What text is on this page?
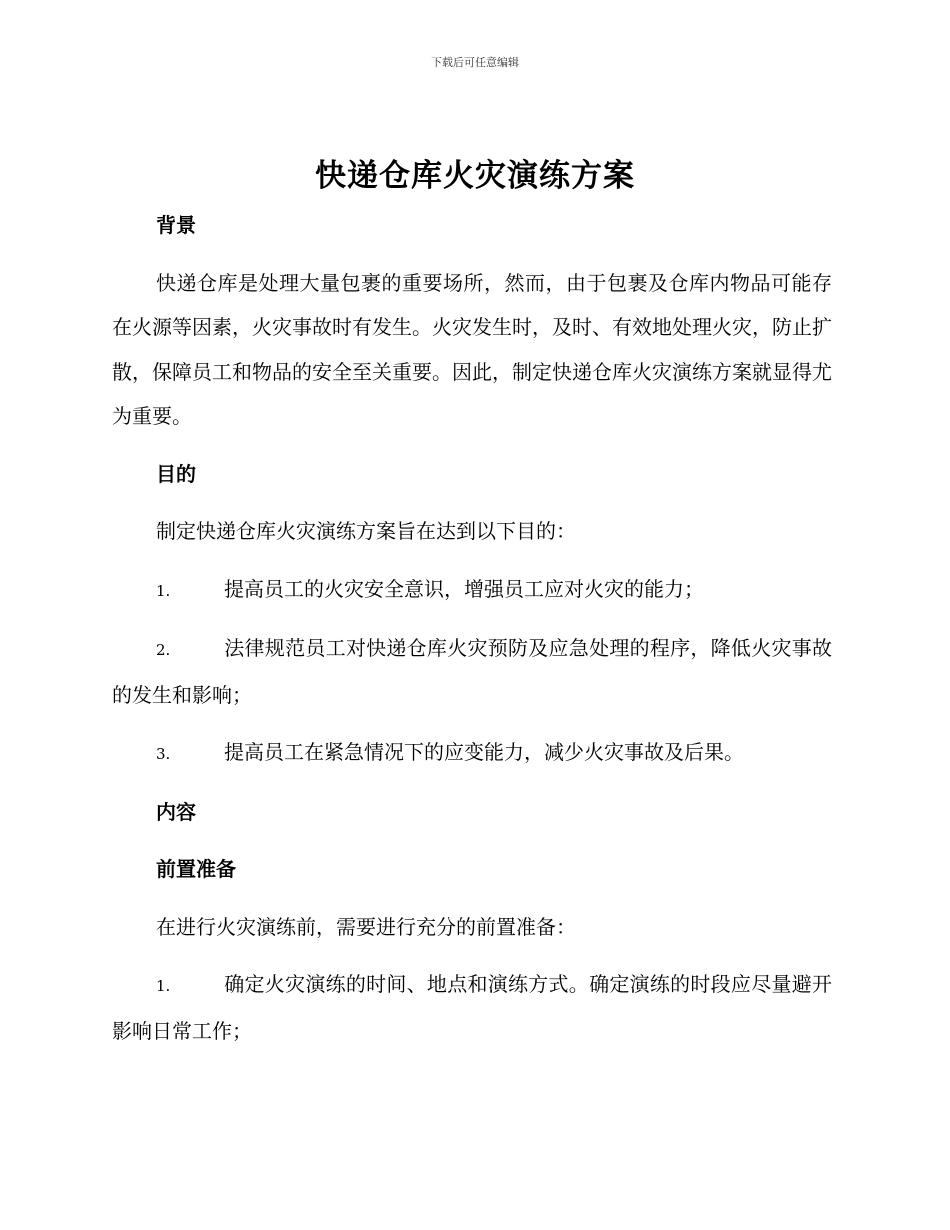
下载后可任意编辑
快递仓库火灾演练方案

背景

快递仓库是处理大量包裹的重要场所，然而，由于包裹及仓库内物品可能存在火源等因素，火灾事故时有发生。火灾发生时，及时、有效地处理火灾，防止扩散，保障员工和物品的安全至关重要。因此，制定快递仓库火灾演练方案就显得尤为重要。

目的

制定快递仓库火灾演练方案旨在达到以下目的：

1.	提高员工的火灾安全意识，增强员工应对火灾的能力；

2.	法律规范员工对快递仓库火灾预防及应急处理的程序，降低火灾事故的发生和影响；

3.	提高员工在紧急情况下的应变能力，减少火灾事故及后果。

内容

前置准备

在进行火灾演练前，需要进行充分的前置准备：

1.	确定火灾演练的时间、地点和演练方式。确定演练的时段应尽量避开影响日常工作；
